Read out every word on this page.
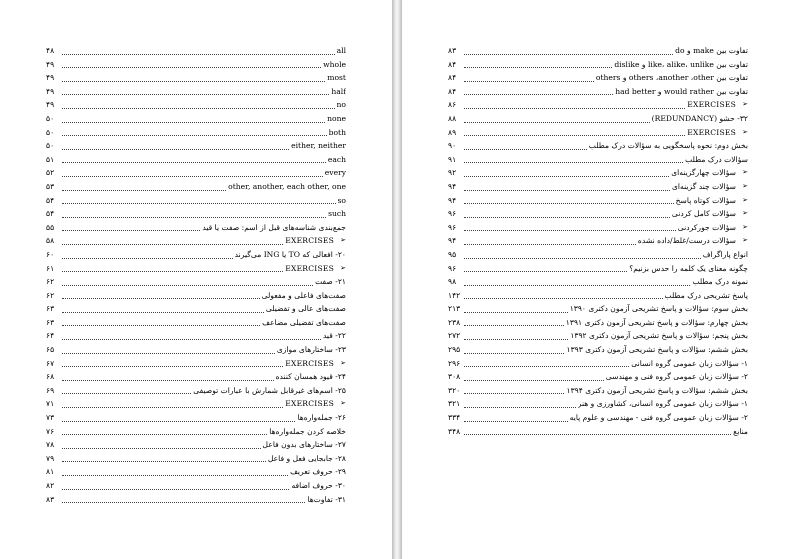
۴۸	all
۴۹	whole
۴۹	most
۴۹	half
۴۹	no
۵۰	none
۵۰	both
۵۰	either, neither
۵۱	each
۵۲	every
۵۳	other, another, each other, one
۵۴	so
۵۴	such
۵۵	جمع‌بندی شناسه‌های قبل از اسم: صفت یا قید
۵۸	EXERCISES ➢
۶۰	۲۰- افعالی که TO یا ING می‌گیرند
۶۱	EXERCISES ➢
۶۲	۲۱- صفت
۶۲	صفت‌های فاعلی و مفعولی
۶۳	صفت‌های عالی و تفضیلی
۶۳	صفت‌های تفضیلی مضاعف
۶۴	۲۲- قید
۶۵	۲۳- ساختارهای موازی
۶۷	EXERCISES ➢
۶۸	۲۴- قیود همسان کننده
۶۹	۲۵- اسم‌های غیرقابل شمارش با عبارات توصیفی
۷۱	EXERCISES ➢
۷۳	۲۶- جمله‌واره‌ها
۷۶	خلاصه کردن جمله‌واره‌ها
۷۸	۲۷- ساختارهای بدون فاعل
۷۹	۲۸- جابجایی فعل و فاعل
۸۱	۲۹- حروف تعریف
۸۲	۳۰- حروف اضافه
۸۳	۳۱- تفاوت‌ها
۸۳	تفاوت بین make و do
۸۴	تفاوت بین like، alike، unlike و dislike
۸۴	تفاوت بین others ،another ،other و others
۸۴	تفاوت بین would rather و had better
۸۶	EXERCISES ➢
۸۸	۳۲- حشو (REDUNDANCY)
۸۹	EXERCISES ➢
۹۰	بخش دوم: نحوه پاسخگویی به سؤالات درک مطلب
۹۱	سؤالات درک مطلب
۹۲	سؤالات چهارگزینه‌ای ➢
۹۴	سؤالات چند گزینه‌ای ➢
۹۴	سؤالات کوتاه پاسخ ➢
۹۶	سؤالات کامل کردنی ➢
۹۶	سؤالات جورکردنی ➢
۹۴	سؤالات درست/غلط/داده نشده ➢
۹۵	انواع پاراگراف
۹۶	چگونه معنای یک کلمه را حدس بزنیم؟
۹۸	نمونه درک مطلب
۱۴۲	پاسخ تشریحی درک مطلب
۲۱۳	بخش سوم: سؤالات و پاسخ تشریحی آزمون دکتری ۱۳۹۰
۲۳۸	بخش چهارم: سؤالات و پاسخ تشریحی آزمون دکتری ۱۳۹۱
۲۷۲	بخش پنجم: سؤالات و پاسخ تشریحی آزمون دکتری ۱۳۹۲
۲۹۵	بخش ششم: سؤالات و پاسخ تشریحی آزمون دکتری ۱۳۹۳
۲۹۶	۱- سؤالات زبان عمومی گروه انسانی
۳۰۸	۲- سؤالات زبان عمومی گروه فنی و مهندسی
۳۲۰	بخش ششم: سؤالات و پاسخ تشریحی آزمون دکتری ۱۳۹۴
۳۲۱	۱- سؤالات زبان عمومی گروه انسانی، کشاورزی و هنر
۳۳۴	۲- سؤالات زبان عمومی گروه فنی - مهندسی و علوم پایه
۳۴۸	منابع
